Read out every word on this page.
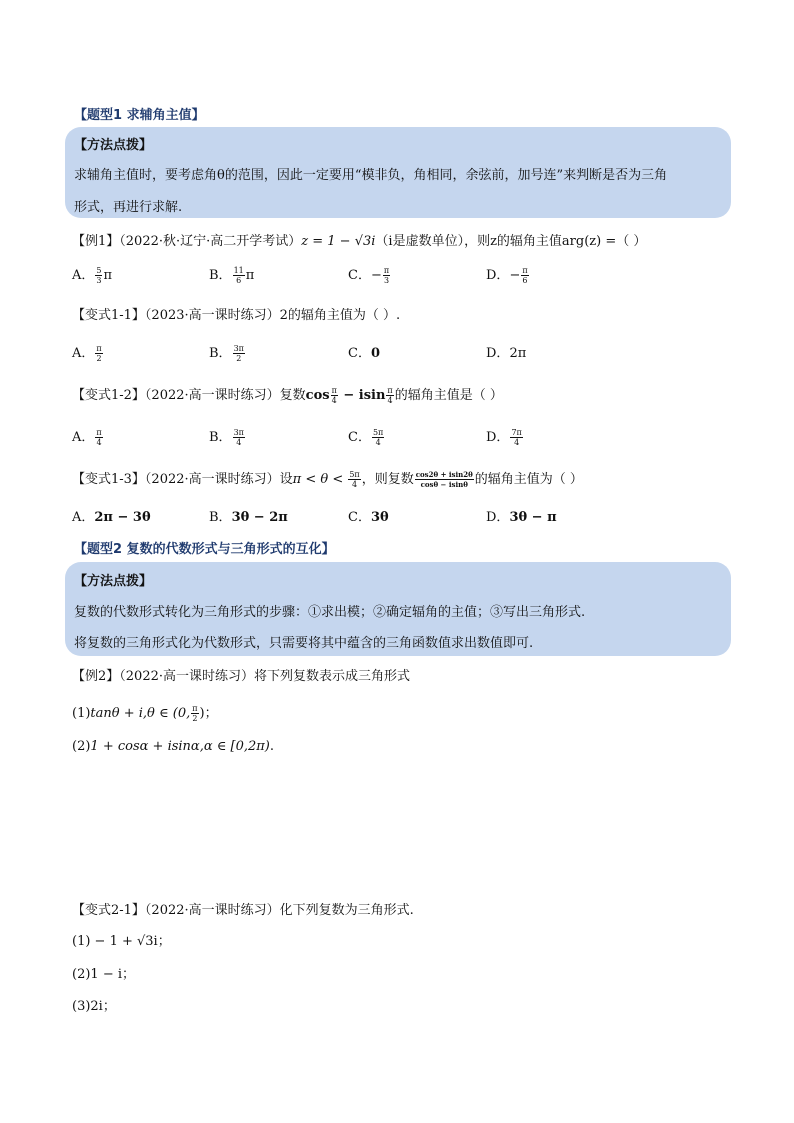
【题型1 求辅角主值】
【方法点拨】
求辅角主值时，要考虑角θ的范围，因此一定要用“模非负，角相同，余弦前，加号连”来判断是否为三角
形式，再进行求解.
【例1】（2022·秋·辽宁·高二开学考试）z = 1 − √3i（i是虚数单位），则z的辐角主值arg(z) =（ ）
A． $\frac{5}{3}$ π	B． $\frac{11}{6}$ π	C．− $\frac{\pi}{3}$	D．− $\frac{\pi}{6}$
【变式1-1】（2023·高一课时练习）2的辐角主值为（ ）.
A． $\frac{\pi}{2}$	B． $\frac{3\pi}{2}$	C．0	D．2π
【变式1-2】（2022·高一课时练习）复数$\cos \frac{\pi}{4} - isin \frac{\pi}{4}$ 的辐角主值是（ ）
A． $\frac{\pi}{4}$	B． $\frac{3\pi}{4}$	C． $\frac{5\pi}{4}$	D． $\frac{7\pi}{4}$
【变式1-3】（2022·高一课时练习）设$\pi < \theta < \frac{5\pi}{4}$ ，则复数 $\frac{\cos 2\theta + isin2\theta}{\cos\theta - isin\theta}$ 的辐角主值为（ ）
A．2π − 3θ	B．3θ − 2π	C．3θ	D．3θ − π
【题型2 复数的代数形式与三角形式的互化】
【方法点拨】
复数的代数形式转化为三角形式的步骤：①求出模；②确定辐角的主值；③写出三角形式.
将复数的三角形式化为代数形式，只需要将其中蕴含的三角函数值求出数值即可.
【例2】（2022·高一课时练习）将下列复数表示成三角形式
(1)tanθ + i,θ ∈ (0, $\frac{\pi}{2}$ )；
(2)1 + cosα + isinα,α ∈ [0,2π).
【变式2-1】（2022·高一课时练习）化下列复数为三角形式.
(1) − 1 + √3i；
(2)1 − i；
(3)2i；
